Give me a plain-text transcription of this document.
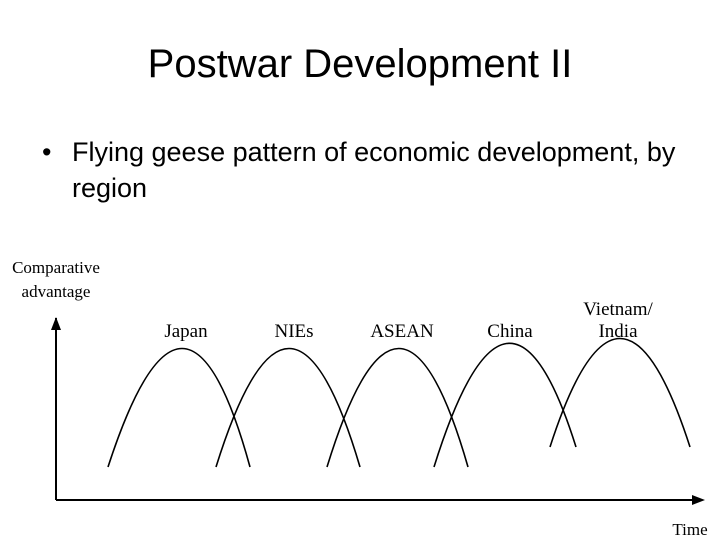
Postwar Development II
• Flying geese pattern of economic development, by region
Comparative
advantage
Time
Japan	NIEs	ASEAN	China
Vietnam/
India
